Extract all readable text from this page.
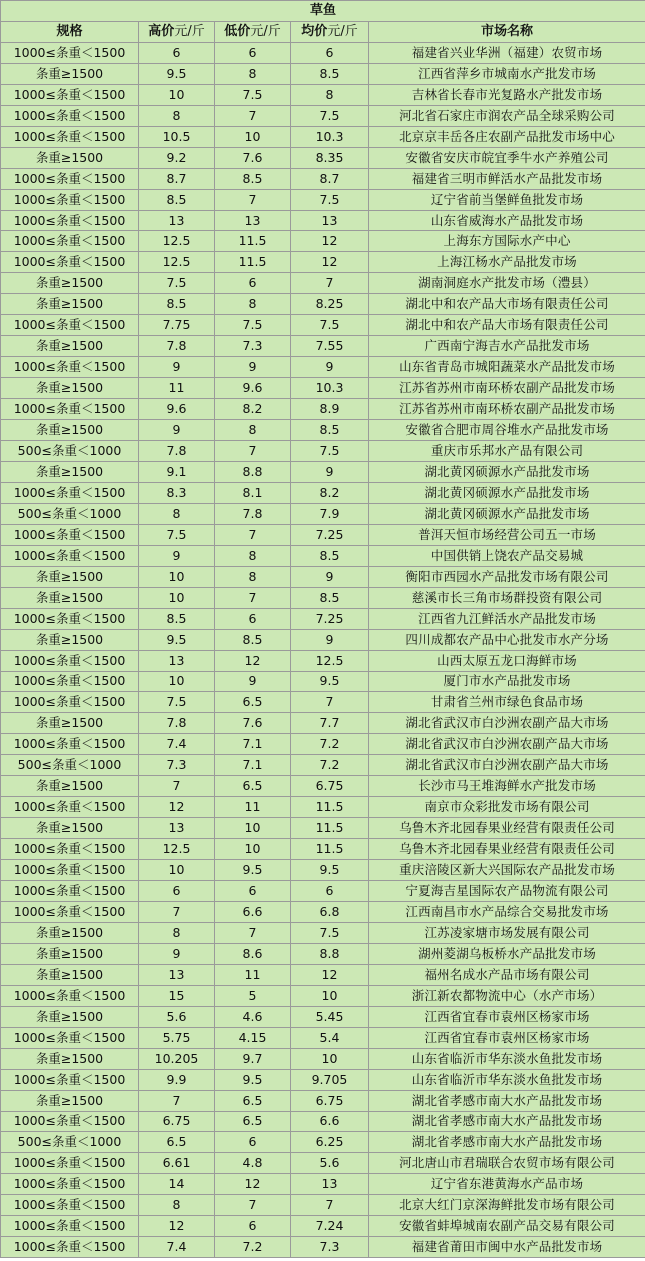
草鱼				
规格	高价元/斤	低价元/斤	均价元/斤	市场名称
1000≤条重＜1500	6	6	6	福建省兴业华洲（福建）农贸市场
条重≥1500	9.5	8	8.5	江西省萍乡市城南水产批发市场
1000≤条重＜1500	10	7.5	8	吉林省长春市光复路水产批发市场
1000≤条重＜1500	8	7	7.5	河北省石家庄市润农产品全球采购公司
1000≤条重＜1500	10.5	10	10.3	北京京丰岳各庄农副产品批发市场中心
条重≥1500	9.2	7.6	8.35	安徽省安庆市皖宜季牛水产养殖公司
1000≤条重＜1500	8.7	8.5	8.7	福建省三明市鲜活水产品批发市场
1000≤条重＜1500	8.5	7	7.5	辽宁省前当堡鲜鱼批发市场
1000≤条重＜1500	13	13	13	山东省威海水产品批发市场
1000≤条重＜1500	12.5	11.5	12	上海东方国际水产中心
1000≤条重＜1500	12.5	11.5	12	上海江杨水产品批发市场
条重≥1500	7.5	6	7	湖南洞庭水产批发市场（澧县）
条重≥1500	8.5	8	8.25	湖北中和农产品大市场有限责任公司
1000≤条重＜1500	7.75	7.5	7.5	湖北中和农产品大市场有限责任公司
条重≥1500	7.8	7.3	7.55	广西南宁海吉水产品批发市场
1000≤条重＜1500	9	9	9	山东省青岛市城阳蔬菜水产品批发市场
条重≥1500	11	9.6	10.3	江苏省苏州市南环桥农副产品批发市场
1000≤条重＜1500	9.6	8.2	8.9	江苏省苏州市南环桥农副产品批发市场
条重≥1500	9	8	8.5	安徽省合肥市周谷堆水产品批发市场
500≤条重＜1000	7.8	7	7.5	重庆市乐邦水产品有限公司
条重≥1500	9.1	8.8	9	湖北黄冈硕源水产品批发市场
1000≤条重＜1500	8.3	8.1	8.2	湖北黄冈硕源水产品批发市场
500≤条重＜1000	8	7.8	7.9	湖北黄冈硕源水产品批发市场
1000≤条重＜1500	7.5	7	7.25	普洱天恒市场经营公司五一市场
1000≤条重＜1500	9	8	8.5	中国供销上饶农产品交易城
条重≥1500	10	8	9	衡阳市西园水产品批发市场有限公司
条重≥1500	10	7	8.5	慈溪市长三角市场群投资有限公司
1000≤条重＜1500	8.5	6	7.25	江西省九江鲜活水产品批发市场
条重≥1500	9.5	8.5	9	四川成都农产品中心批发市水产分场
1000≤条重＜1500	13	12	12.5	山西太原五龙口海鲜市场
1000≤条重＜1500	10	9	9.5	厦门市水产品批发市场
1000≤条重＜1500	7.5	6.5	7	甘肃省兰州市绿色食品市场
条重≥1500	7.8	7.6	7.7	湖北省武汉市白沙洲农副产品大市场
1000≤条重＜1500	7.4	7.1	7.2	湖北省武汉市白沙洲农副产品大市场
500≤条重＜1000	7.3	7.1	7.2	湖北省武汉市白沙洲农副产品大市场
条重≥1500	7	6.5	6.75	长沙市马王堆海鲜水产批发市场
1000≤条重＜1500	12	11	11.5	南京市众彩批发市场有限公司
条重≥1500	13	10	11.5	乌鲁木齐北园春果业经营有限责任公司
1000≤条重＜1500	12.5	10	11.5	乌鲁木齐北园春果业经营有限责任公司
1000≤条重＜1500	10	9.5	9.5	重庆涪陵区新大兴国际农产品批发市场
1000≤条重＜1500	6	6	6	宁夏海吉星国际农产品物流有限公司
1000≤条重＜1500	7	6.6	6.8	江西南昌市水产品综合交易批发市场
条重≥1500	8	7	7.5	江苏凌家塘市场发展有限公司
条重≥1500	9	8.6	8.8	湖州菱湖乌板桥水产品批发市场
条重≥1500	13	11	12	福州名成水产品市场有限公司
1000≤条重＜1500	15	5	10	浙江新农都物流中心（水产市场）
条重≥1500	5.6	4.6	5.45	江西省宜春市袁州区杨家市场
1000≤条重＜1500	5.75	4.15	5.4	江西省宜春市袁州区杨家市场
条重≥1500	10.205	9.7	10	山东省临沂市华东淡水鱼批发市场
1000≤条重＜1500	9.9	9.5	9.705	山东省临沂市华东淡水鱼批发市场
条重≥1500	7	6.5	6.75	湖北省孝感市南大水产品批发市场
1000≤条重＜1500	6.75	6.5	6.6	湖北省孝感市南大水产品批发市场
500≤条重＜1000	6.5	6	6.25	湖北省孝感市南大水产品批发市场
1000≤条重＜1500	6.61	4.8	5.6	河北唐山市君瑞联合农贸市场有限公司
1000≤条重＜1500	14	12	13	辽宁省东港黄海水产品市场
1000≤条重＜1500	8	7	7	北京大红门京深海鲜批发市场有限公司
1000≤条重＜1500	12	6	7.24	安徽省蚌埠城南农副产品交易有限公司
1000≤条重＜1500	7.4	7.2	7.3	福建省莆田市闽中水产品批发市场
